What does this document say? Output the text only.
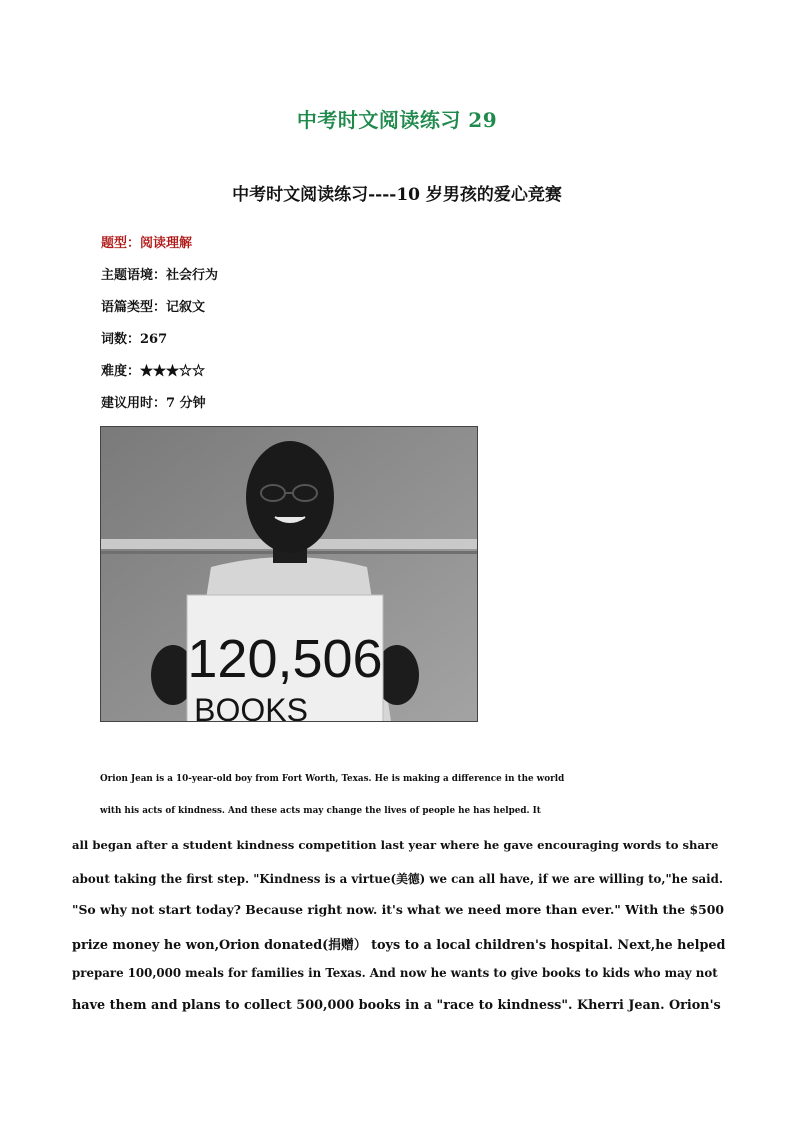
中考时文阅读练习 29
中考时文阅读练习----10 岁男孩的爱心竞赛
题型：阅读理解
主题语境：社会行为
语篇类型：记叙文
词数：267
难度：★★★☆☆
建议用时：7 分钟
120,506
BOOKS
Orion Jean is a 10-year-old boy from Fort Worth, Texas. He is making a difference in the world
with his acts of kindness. And these acts may change the lives of people he has helped. It
all began after a student kindness competition last year where he gave encouraging words to share
about taking the first step. "Kindness is a virtue(美德) we can all have, if we are willing to,"he said.
"So why not start today? Because right now. it's what we need more than ever." With the $500
prize money he won,Orion donated(捐赠） toys to a local children's hospital. Next,he helped
prepare 100,000 meals for families in Texas. And now he wants to give books to kids who may not
have them and plans to collect 500,000 books in a "race to kindness". Kherri Jean. Orion's
